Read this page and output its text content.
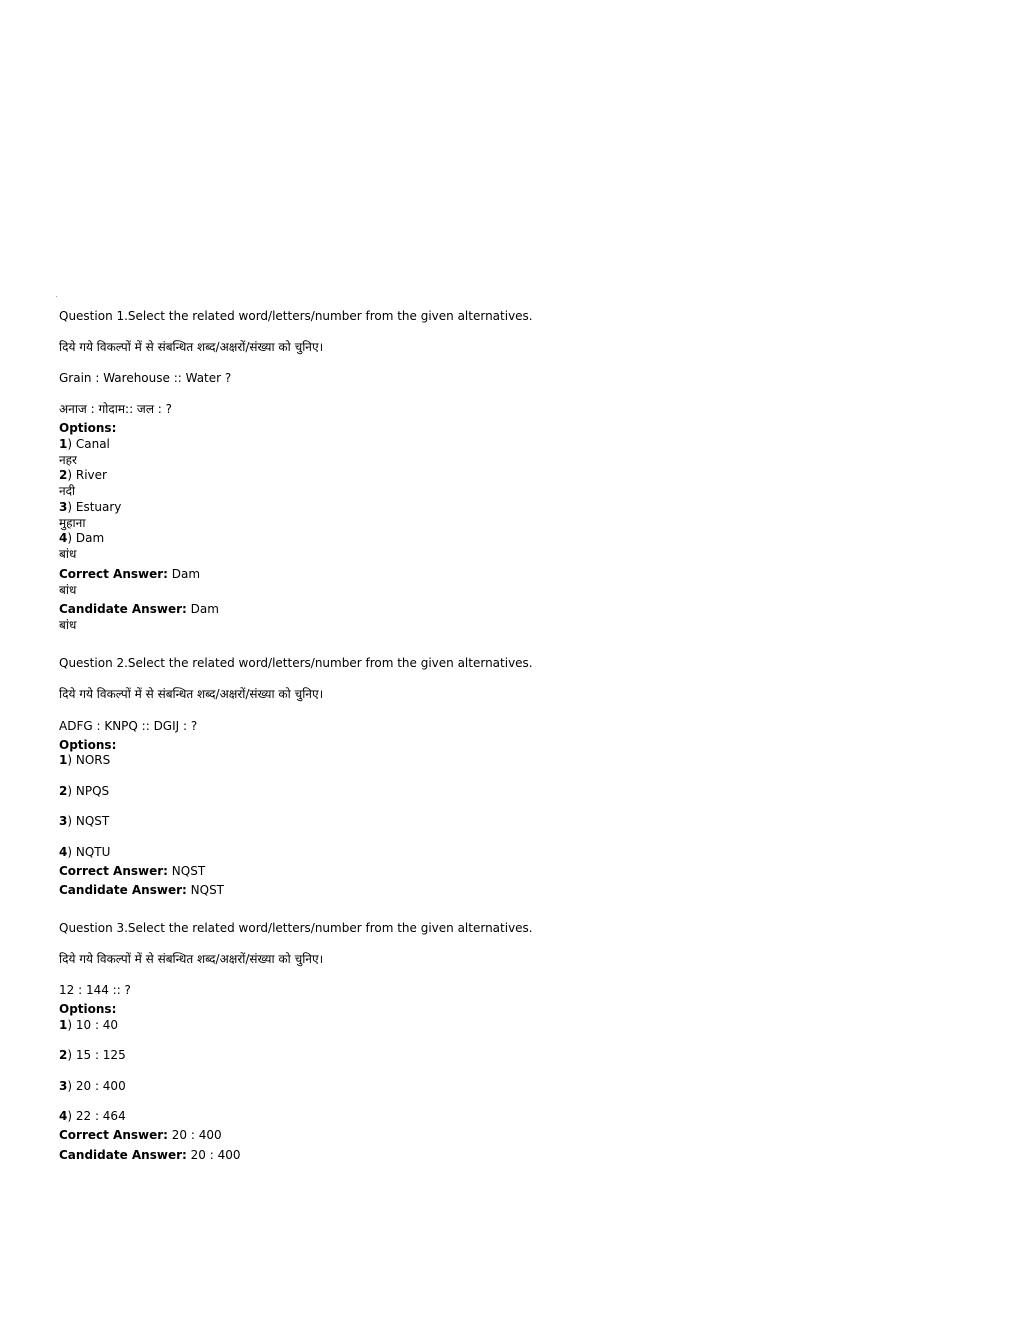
Question 1.Select the related word/letters/number from the given alternatives.
दिये गये विकल्पों में से संबन्धित शब्द/अक्षरों/संख्या को चुनिए।
Grain : Warehouse :: Water ?
अनाज : गोदाम:: जल : ?
Options:
1) Canal
नहर
2) River
नदी
3) Estuary
मुहाना
4) Dam
बांध
Correct Answer: Dam
बांध
Candidate Answer: Dam
बांध
Question 2.Select the related word/letters/number from the given alternatives.
दिये गये विकल्पों में से संबन्धित शब्द/अक्षरों/संख्या को चुनिए।
ADFG : KNPQ :: DGIJ : ?
Options:
1) NORS
2) NPQS
3) NQST
4) NQTU
Correct Answer: NQST
Candidate Answer: NQST
Question 3.Select the related word/letters/number from the given alternatives.
दिये गये विकल्पों में से संबन्धित शब्द/अक्षरों/संख्या को चुनिए।
12 : 144 :: ?
Options:
1) 10 : 40
2) 15 : 125
3) 20 : 400
4) 22 : 464
Correct Answer: 20 : 400
Candidate Answer: 20 : 400
